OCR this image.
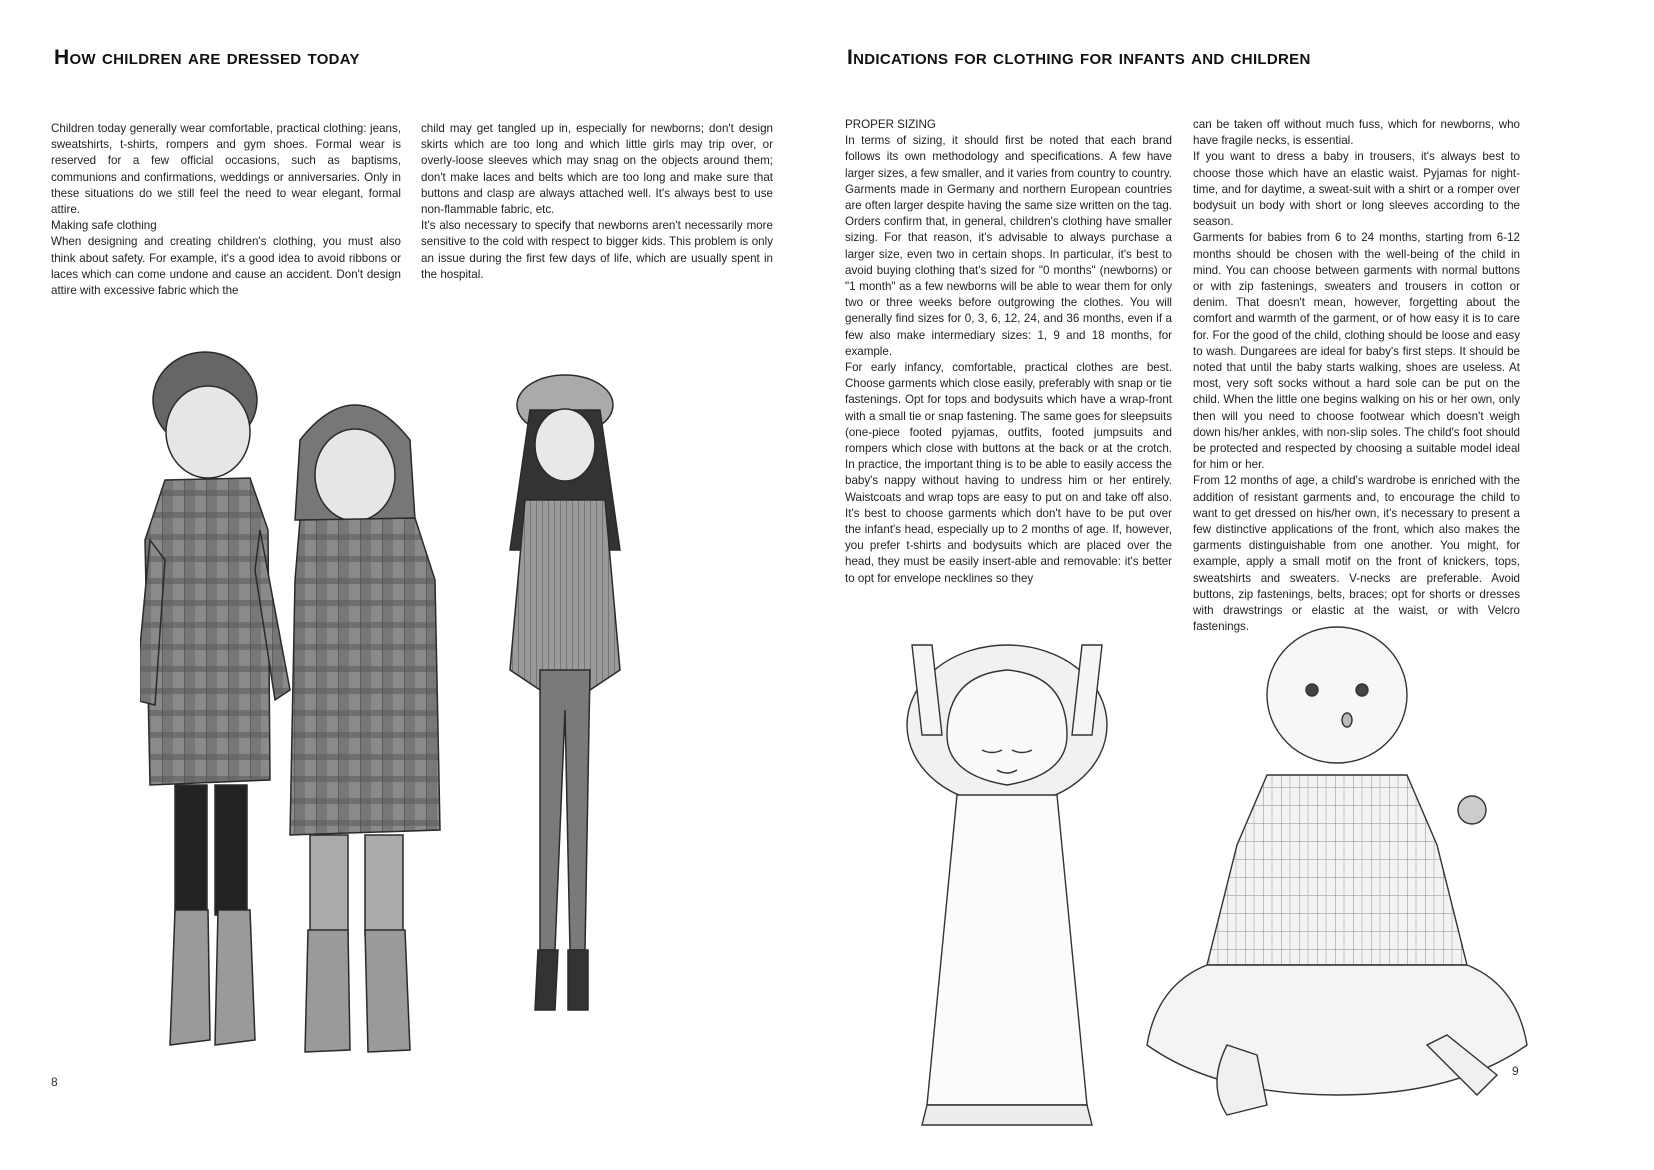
How children are dressed today

Children today generally wear comfortable, practical clothing: jeans, sweatshirts, t-shirts, rompers and gym shoes. Formal wear is reserved for a few official occasions, such as baptisms, communions and confirmations, weddings or anniversaries. Only in these situations do we still feel the need to wear elegant, formal attire.

Making safe clothing

When designing and creating children's clothing, you must also think about safety. For example, it's a good idea to avoid ribbons or laces which can come undone and cause an accident. Don't design attire with excessive fabric which the

child may get tangled up in, especially for newborns; don't design skirts which are too long and which little girls may trip over, or overly-loose sleeves which may snag on the objects around them; don't make laces and belts which are too long and make sure that buttons and clasp are always attached well. It's always best to use non-flammable fabric, etc.

It's also necessary to specify that newborns aren't necessarily more sensitive to the cold with respect to bigger kids. This problem is only an issue during the first few days of life, which are usually spent in the hospital.

8
Indications for clothing for infants and children

PROPER SIZING

In terms of sizing, it should first be noted that each brand follows its own methodology and specifications. A few have larger sizes, a few smaller, and it varies from country to country. Garments made in Germany and northern European countries are often larger despite having the same size written on the tag. Orders confirm that, in general, children's clothing have smaller sizing. For that reason, it's advisable to always purchase a larger size, even two in certain shops. In particular, it's best to avoid buying clothing that's sized for "0 months" (newborns) or "1 month" as a few newborns will be able to wear them for only two or three weeks before outgrowing the clothes. You will generally find sizes for 0, 3, 6, 12, 24, and 36 months, even if a few also make intermediary sizes: 1, 9 and 18 months, for example.

For early infancy, comfortable, practical clothes are best. Choose garments which close easily, preferably with snap or tie fastenings. Opt for tops and bodysuits which have a wrap-front with a small tie or snap fastening. The same goes for sleepsuits (one-piece footed pyjamas, outfits, footed jumpsuits and rompers which close with buttons at the back or at the crotch. In practice, the important thing is to be able to easily access the baby's nappy without having to undress him or her entirely. Waistcoats and wrap tops are easy to put on and take off also. It's best to choose garments which don't have to be put over the infant's head, especially up to 2 months of age. If, however, you prefer t-shirts and bodysuits which are placed over the head, they must be easily insert-able and removable: it's better to opt for envelope necklines so they

can be taken off without much fuss, which for newborns, who have fragile necks, is essential.

If you want to dress a baby in trousers, it's always best to choose those which have an elastic waist. Pyjamas for night-time, and for daytime, a sweat-suit with a shirt or a romper over bodysuit un body with short or long sleeves according to the season.

Garments for babies from 6 to 24 months, starting from 6-12 months should be chosen with the well-being of the child in mind. You can choose between garments with normal buttons or with zip fastenings, sweaters and trousers in cotton or denim. That doesn't mean, however, forgetting about the comfort and warmth of the garment, or of how easy it is to care for. For the good of the child, clothing should be loose and easy to wash. Dungarees are ideal for baby's first steps. It should be noted that until the baby starts walking, shoes are useless. At most, very soft socks without a hard sole can be put on the child. When the little one begins walking on his or her own, only then will you need to choose footwear which doesn't weigh down his/her ankles, with non-slip soles. The child's foot should be protected and respected by choosing a suitable model ideal for him or her.

From 12 months of age, a child's wardrobe is enriched with the addition of resistant garments and, to encourage the child to want to get dressed on his/her own, it's necessary to present a few distinctive applications of the front, which also makes the garments distinguishable from one another. You might, for example, apply a small motif on the front of knickers, tops, sweatshirts and sweaters. V-necks are preferable. Avoid buttons, zip fastenings, belts, braces; opt for shorts or dresses with drawstrings or elastic at the waist, or with Velcro fastenings.

9
